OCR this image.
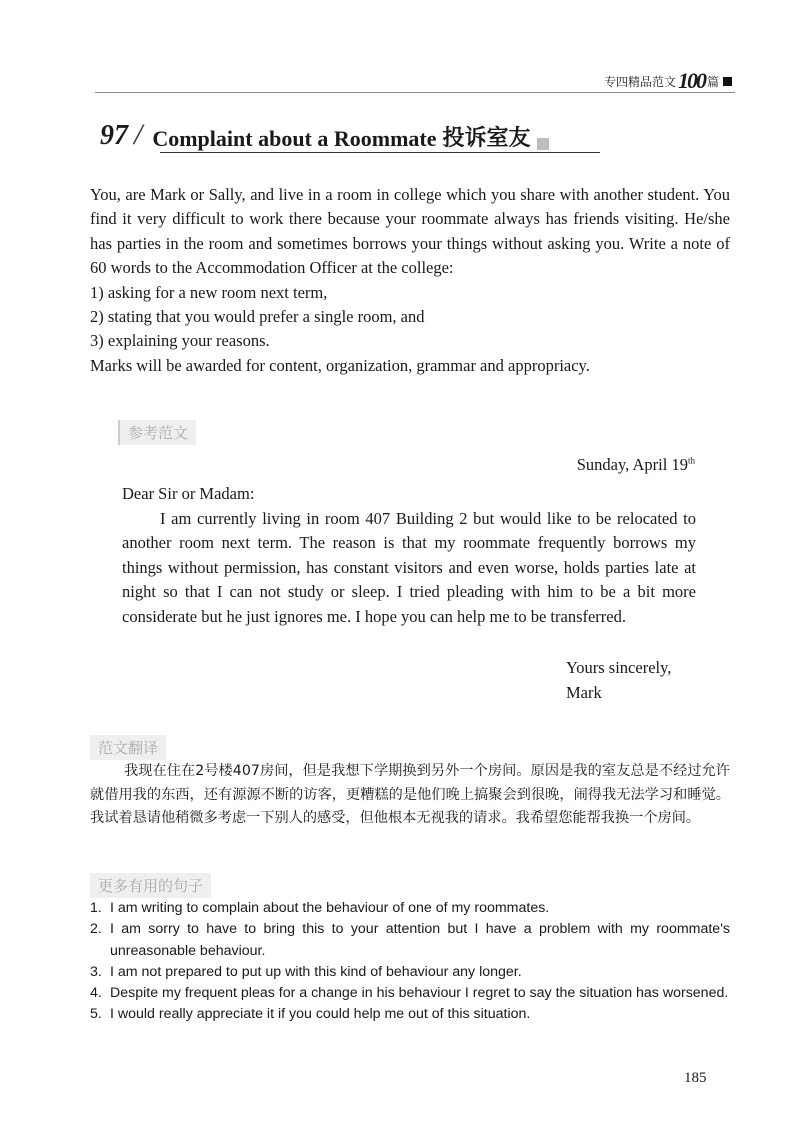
专四精品范文 100 篇
97 / Complaint about a Roommate 投诉室友

You, are Mark or Sally, and live in a room in college which you share with another student. You find it very difficult to work there because your roommate always has friends visiting. He/she has parties in the room and sometimes borrows your things without asking you. Write a note of 60 words to the Accommodation Officer at the college:

1) asking for a new room next term,

2) stating that you would prefer a single room, and

3) explaining your reasons.

Marks will be awarded for content, organization, grammar and appropriacy.

参考范文
Sunday, April 19th

Dear Sir or Madam:

I am currently living in room 407 Building 2 but would like to be relocated to another room next term. The reason is that my roommate frequently borrows my things without permission, has constant visitors and even worse, holds parties late at night so that I can not study or sleep. I tried pleading with him to be a bit more considerate but he just ignores me. I hope you can help me to be transferred.

Yours sincerely,
Mark
范文翻译

我现在住在2号楼407房间，但是我想下学期换到另外一个房间。原因是我的室友总是不经过允许就借用我的东西，还有源源不断的访客，更糟糕的是他们晚上搞聚会到很晚，闹得我无法学习和睡觉。我试着恳请他稍微多考虑一下别人的感受，但他根本无视我的请求。我希望您能帮我换一个房间。

更多有用的句子
1. I am writing to complain about the behaviour of one of my roommates.
2. I am sorry to have to bring this to your attention but I have a problem with my roommate's unreasonable behaviour.
3. I am not prepared to put up with this kind of behaviour any longer.
4. Despite my frequent pleas for a change in his behaviour I regret to say the situation has worsened.
5. I would really appreciate it if you could help me out of this situation.
185
